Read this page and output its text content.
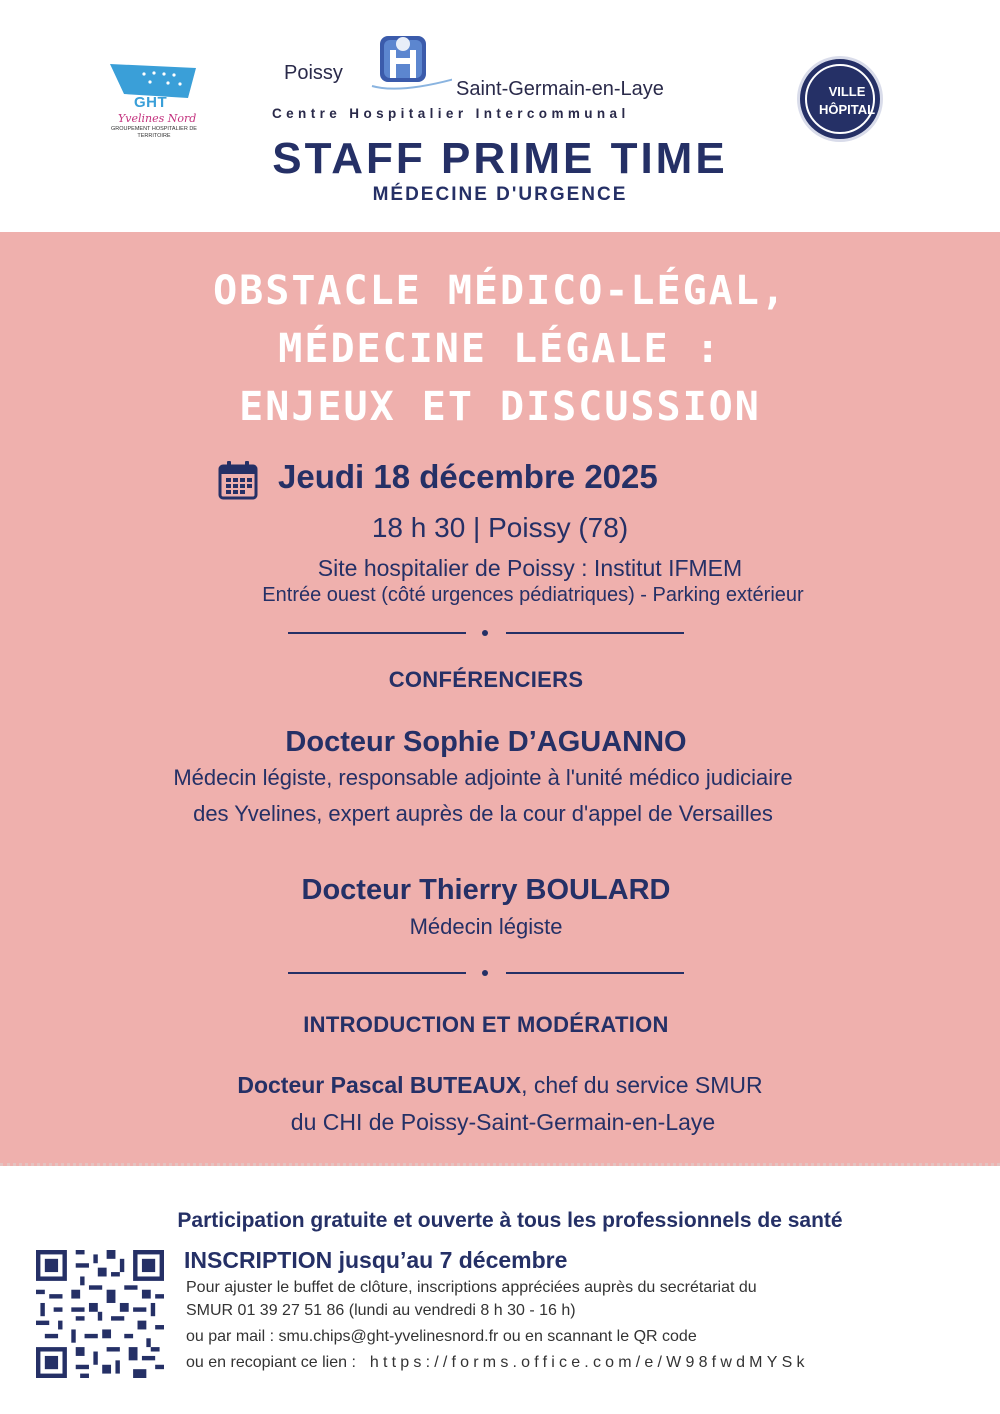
GHT
Yvelines Nord
GROUPEMENT HOSPITALIER DE TERRITOIRE
Poissy
Saint-Germain-en-Laye
Centre Hospitalier Intercommunal
VILLE
HÔPITAL
STAFF PRIME TIME
MÉDECINE D'URGENCE
OBSTACLE MÉDICO-LÉGAL,
MÉDECINE LÉGALE :
ENJEUX ET DISCUSSION
Jeudi 18 décembre 2025
18 h 30 | Poissy (78)
Site hospitalier de Poissy : Institut IFMEM
Entrée ouest (côté urgences pédiatriques) - Parking extérieur
CONFÉRENCIERS
Docteur Sophie D’AGUANNO
Médecin légiste, responsable adjointe à l'unité médico judiciaire
des Yvelines, expert auprès de la cour d'appel de Versailles
Docteur Thierry BOULARD
Médecin légiste
INTRODUCTION ET MODÉRATION
Docteur Pascal BUTEAUX, chef du service SMUR
du CHI de Poissy-Saint-Germain-en-Laye
Participation gratuite et ouverte à tous les professionnels de santé
INSCRIPTION jusqu’au 7 décembre
Pour ajuster le buffet de clôture, inscriptions appréciées auprès du secrétariat du
SMUR 01 39 27 51 86 (lundi au vendredi 8 h 30 - 16 h)
ou par mail : smu.chips@ght-yvelinesnord.fr ou en scannant le QR code
ou en recopiant ce lien : https://forms.office.com/e/W98fwdMYSk
